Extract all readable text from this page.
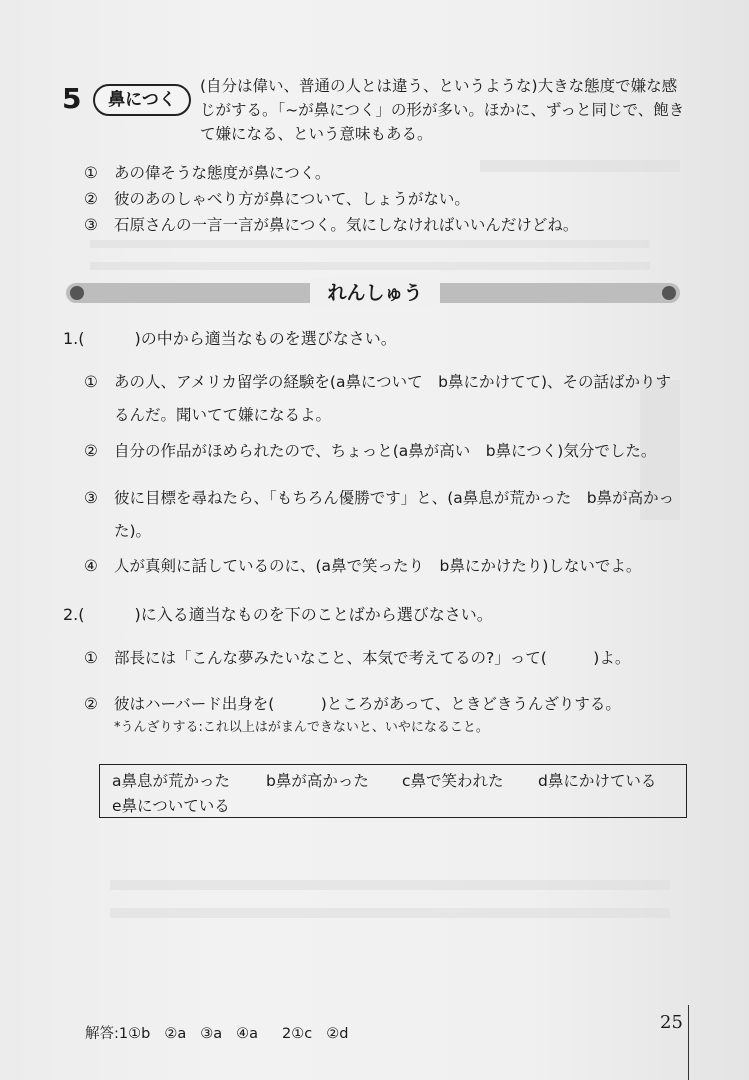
5	鼻につく
(自分は偉い、普通の人とは違う、というような)大きな態度で嫌な感じがする。「~が鼻につく」の形が多い。ほかに、ずっと同じで、飽きて嫌になる、という意味もある。
①	あの偉そうな態度が鼻につく。
②	彼のあのしゃべり方が鼻について、しょうがない。
③	石原さんの一言一言が鼻につく。気にしなければいいんだけどね。
れんしゅう
1.(	)の中から適当なものを選びなさい。
① あの人、アメリカ留学の経験を(a鼻について　b鼻にかけてて)、その話ばかりするんだ。聞いてて嫌になるよ。
② 自分の作品がほめられたので、ちょっと(a鼻が高い　b鼻につく)気分でした。
③ 彼に目標を尋ねたら、「もちろん優勝です」と、(a鼻息が荒かった　b鼻が高かった)。
④ 人が真剣に話しているのに、(a鼻で笑ったり　b鼻にかけたり)しないでよ。
2.(	)に入る適当なものを下のことばから選びなさい。
① 部長には「こんな夢みたいなこと、本気で考えてるの?」って(　　　)よ。
② 彼はハーバード出身を(　　　)ところがあって、ときどきうんざりする。
*うんざりする:これ以上はがまんできないと、いやになること。
a鼻息が荒かった b鼻が高かった c鼻で笑われた d鼻にかけている
e鼻についている
解答:1①b ②a ③a ④a 2①c ②d
25
